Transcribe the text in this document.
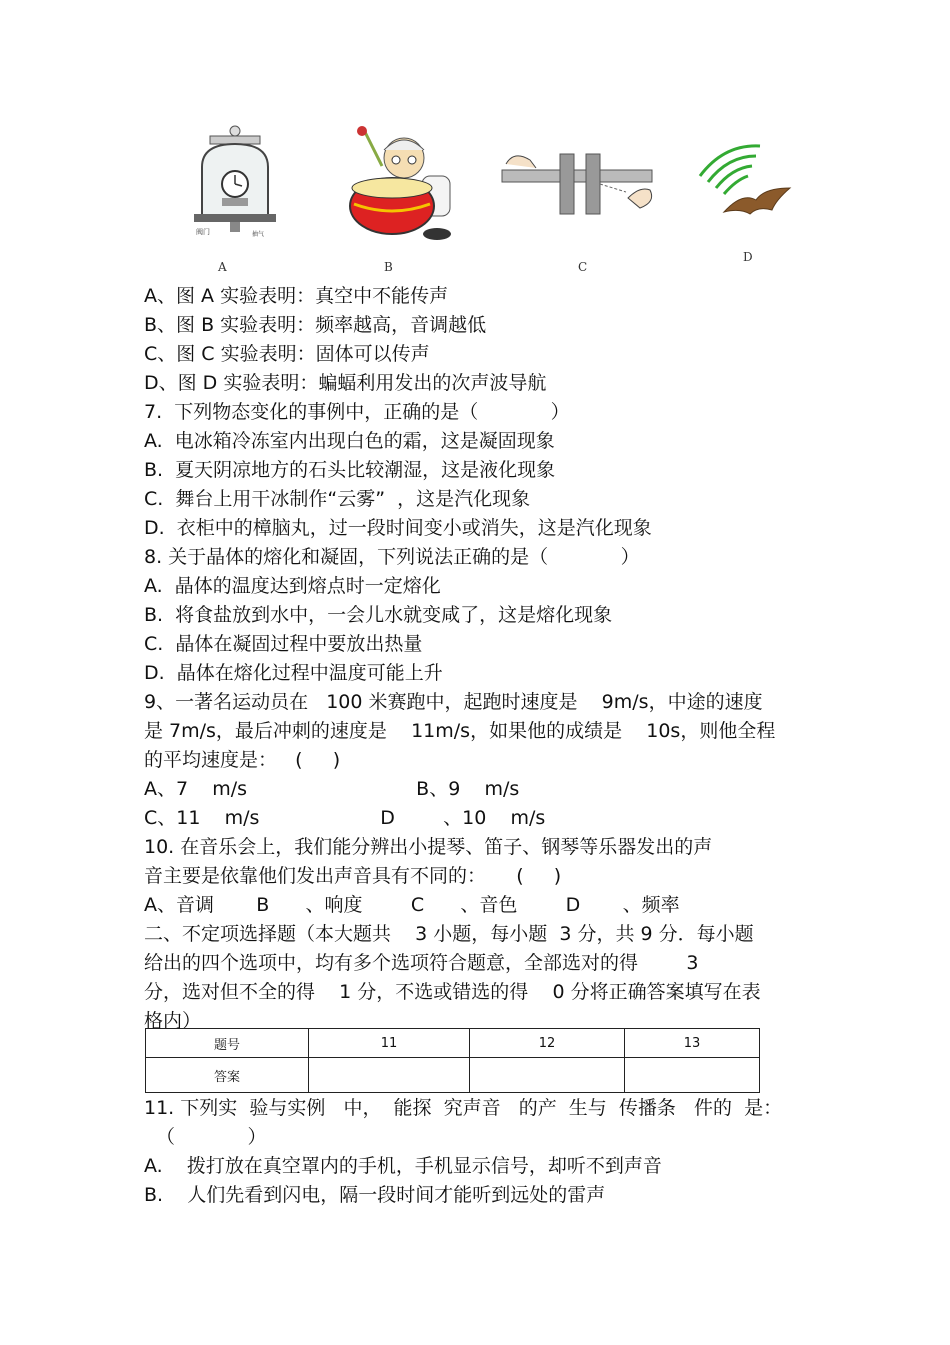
阀门	抽气
A	B	C
D
A、图 A 实验表明：真空中不能传声
B、图 B 实验表明：频率越高，音调越低
C、图 C 实验表明：固体可以传声
D、图 D 实验表明：蝙蝠利用发出的次声波导航
7.  下列物态变化的事例中，正确的是（            ）
A.  电冰箱冷冻室内出现白色的霜，这是凝固现象
B.  夏天阴凉地方的石头比较潮湿，这是液化现象
C.  舞台上用干冰制作“云雾”  ，这是汽化现象
D.  衣柜中的樟脑丸，过一段时间变小或消失，这是汽化现象
8. 关于晶体的熔化和凝固，下列说法正确的是（            ）
A.  晶体的温度达到熔点时一定熔化
B.  将食盐放到水中，一会儿水就变咸了，这是熔化现象
C.  晶体在凝固过程中要放出热量
D.  晶体在熔化过程中温度可能上升
9、一著名运动员在   100 米赛跑中，起跑时速度是    9m/s，中途的速度
是 7m/s，最后冲刺的速度是    11m/s，如果他的成绩是    10s，则他全程
的平均速度是：   (     )
A、7    m/s                            B、9    m/s
C、11    m/s                    D        、10    m/s
10. 在音乐会上，我们能分辨出小提琴、笛子、钢琴等乐器发出的声
音主要是依靠他们发出声音具有不同的：     (     )
A、音调       B      、响度        C      、音色        D       、频率
二、不定项选择题（本大题共    3 小题，每小题  3 分，共 9 分．每小题
给出的四个选项中，均有多个选项符合题意，全部选对的得        3
分，选对但不全的得    1 分，不选或错选的得    0 分将正确答案填写在表
格内）
题号	11	12	13
答案			
11. 下列实  验与实例   中，  能探  究声音   的产  生与  传播条   件的  是：
（            ）
A.    拨打放在真空罩内的手机，手机显示信号，却听不到声音
B.    人们先看到闪电，隔一段时间才能听到远处的雷声
